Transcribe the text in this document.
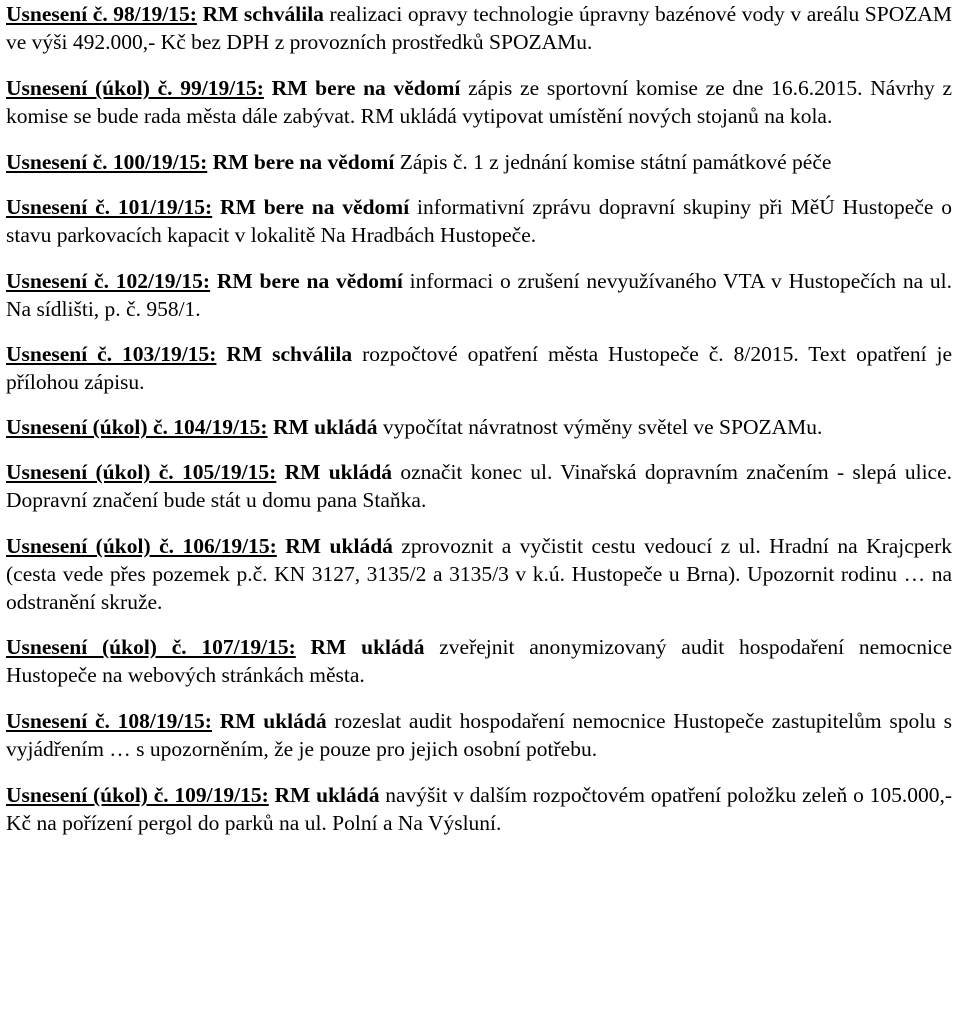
Usnesení č. 98/19/15: RM schválila realizaci opravy technologie úpravny bazénové vody v areálu SPOZAM ve výši 492.000,- Kč bez DPH z provozních prostředků SPOZAMu.

Usnesení (úkol) č. 99/19/15: RM bere na vědomí zápis ze sportovní komise ze dne 16.6.2015. Návrhy z komise se bude rada města dále zabývat. RM ukládá vytipovat umístění nových stojanů na kola.

Usnesení č. 100/19/15: RM bere na vědomí Zápis č. 1 z jednání komise státní památkové péče

Usnesení č. 101/19/15: RM bere na vědomí informativní zprávu dopravní skupiny při MěÚ Hustopeče o stavu parkovacích kapacit v lokalitě Na Hradbách Hustopeče.

Usnesení č. 102/19/15: RM bere na vědomí informaci o zrušení nevyužívaného VTA v Hustopečích na ul. Na sídlišti, p. č. 958/1.

Usnesení č. 103/19/15: RM schválila rozpočtové opatření města Hustopeče č. 8/2015. Text opatření je přílohou zápisu.

Usnesení (úkol) č. 104/19/15: RM ukládá vypočítat návratnost výměny světel ve SPOZAMu.

Usnesení (úkol) č. 105/19/15: RM ukládá označit konec ul. Vinařská dopravním značením - slepá ulice. Dopravní značení bude stát u domu pana Staňka.

Usnesení (úkol) č. 106/19/15: RM ukládá zprovoznit a vyčistit cestu vedoucí z ul. Hradní na Krajcperk (cesta vede přes pozemek p.č. KN 3127, 3135/2 a 3135/3 v k.ú. Hustopeče u Brna). Upozornit rodinu … na odstranění skruže.

Usnesení (úkol) č. 107/19/15: RM ukládá zveřejnit anonymizovaný audit hospodaření nemocnice Hustopeče na webových stránkách města.

Usnesení č. 108/19/15: RM ukládá rozeslat audit hospodaření nemocnice Hustopeče zastupitelům spolu s vyjádřením … s upozorněním, že je pouze pro jejich osobní potřebu.

Usnesení (úkol) č. 109/19/15: RM ukládá navýšit v dalším rozpočtovém opatření položku zeleň o 105.000,- Kč na pořízení pergol do parků na ul. Polní a Na Výsluní.
